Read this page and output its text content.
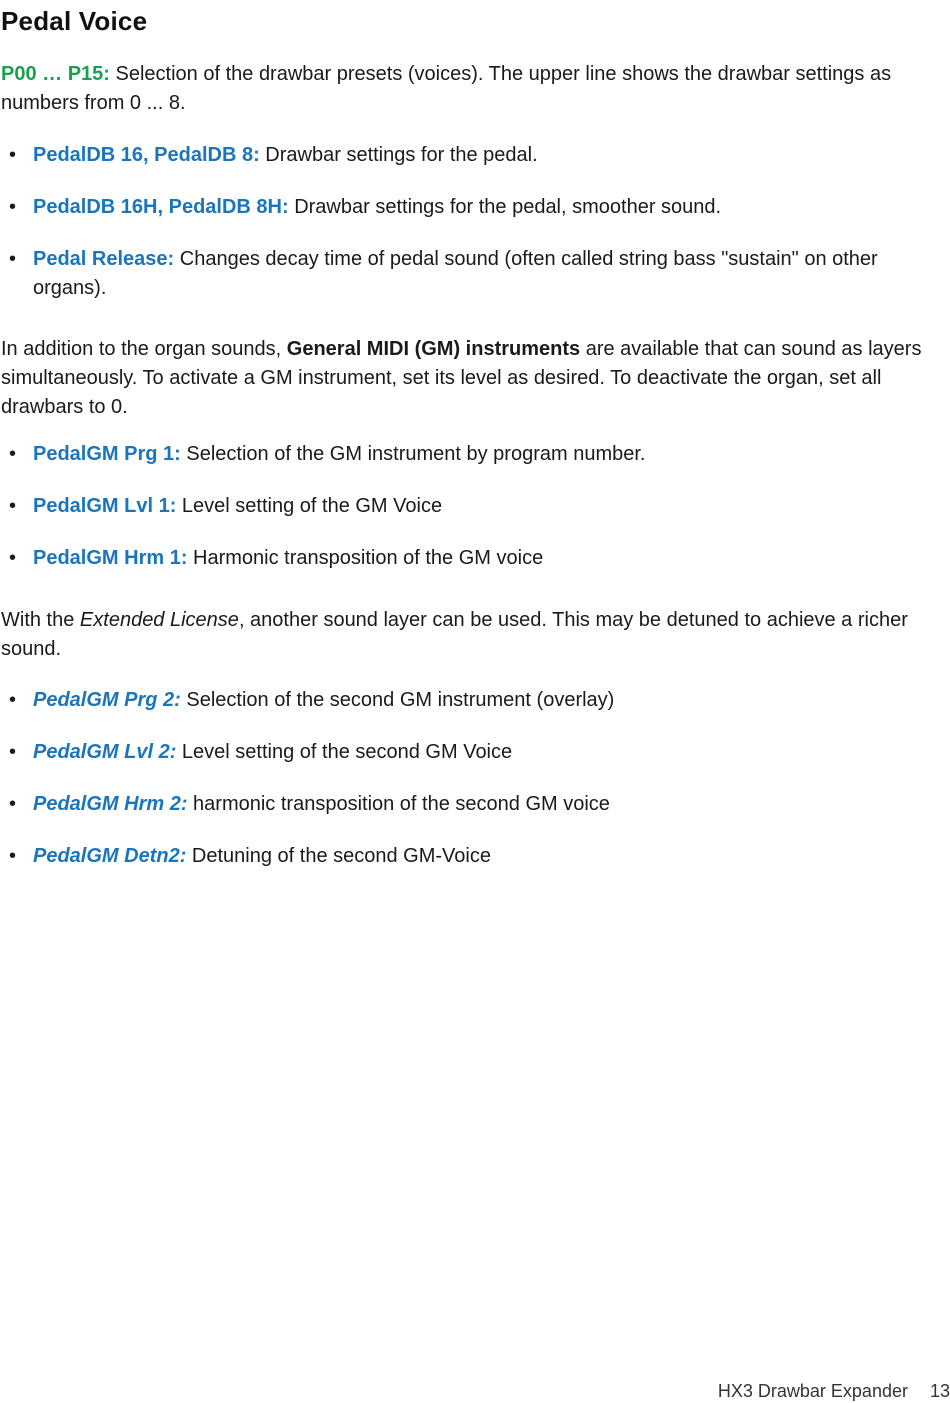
Pedal Voice

P00 … P15: Selection of the drawbar presets (voices). The upper line shows the drawbar settings as numbers from 0 ... 8.

• PedalDB 16, PedalDB 8: Drawbar settings for the pedal.
• PedalDB 16H, PedalDB 8H: Drawbar settings for the pedal, smoother sound.
• Pedal Release: Changes decay time of pedal sound (often called string bass "sustain" on other organs).

In addition to the organ sounds, General MIDI (GM) instruments are available that can sound as layers simultaneously. To activate a GM instrument, set its level as desired. To deactivate the organ, set all drawbars to 0.

• PedalGM Prg 1: Selection of the GM instrument by program number.
• PedalGM Lvl 1: Level setting of the GM Voice
• PedalGM Hrm 1: Harmonic transposition of the GM voice

With the Extended License, another sound layer can be used. This may be detuned to achieve a richer sound.

• PedalGM Prg 2: Selection of the second GM instrument (overlay)
• PedalGM Lvl 2: Level setting of the second GM Voice
• PedalGM Hrm 2: harmonic transposition of the second GM voice
• PedalGM Detn2: Detuning of the second GM-Voice
HX3 Drawbar Expander 13
